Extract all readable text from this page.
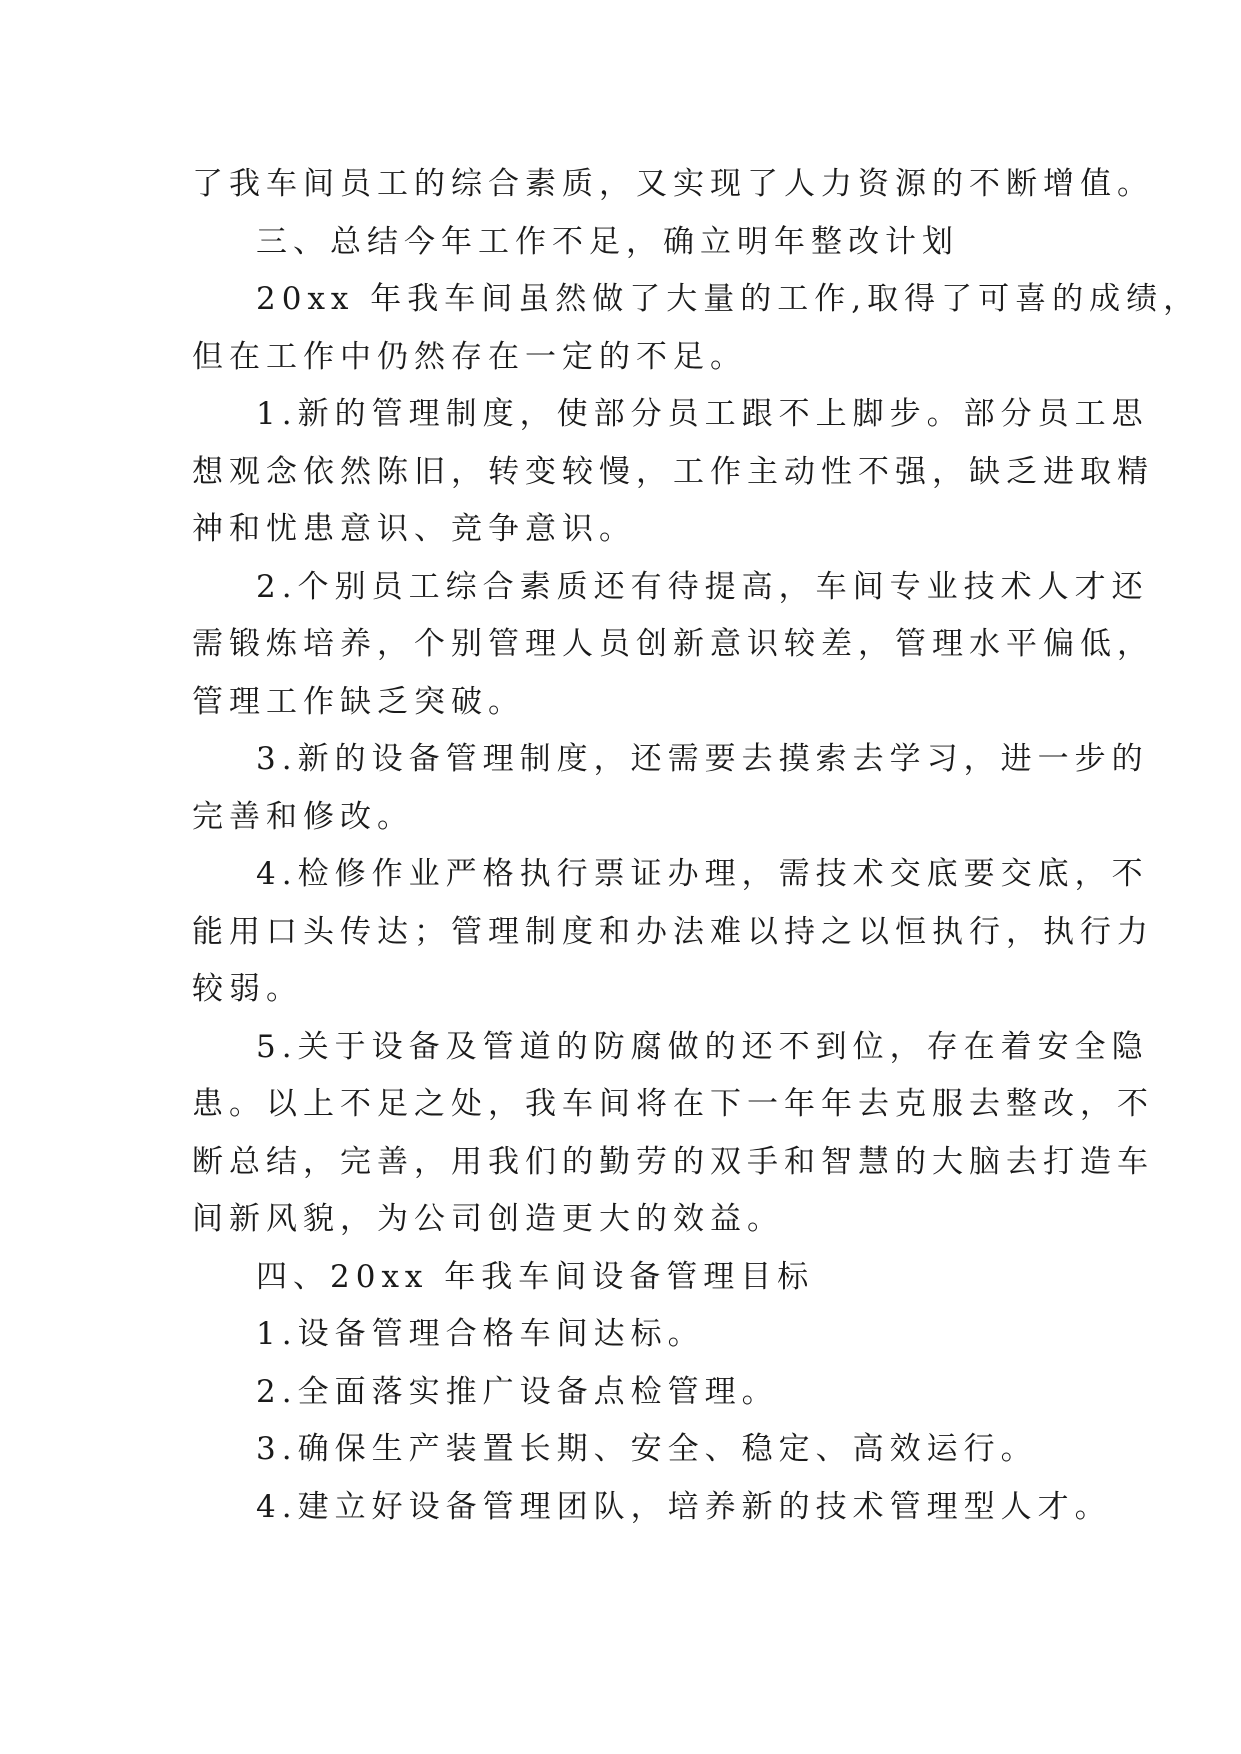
了我车间员工的综合素质，又实现了人力资源的不断增值。
三、总结今年工作不足，确立明年整改计划
20xx 年我车间虽然做了大量的工作,取得了可喜的成绩，
但在工作中仍然存在一定的不足。
1.新的管理制度，使部分员工跟不上脚步。部分员工思
想观念依然陈旧，转变较慢，工作主动性不强，缺乏进取精
神和忧患意识、竞争意识。
2.个别员工综合素质还有待提高，车间专业技术人才还
需锻炼培养，个别管理人员创新意识较差，管理水平偏低，
管理工作缺乏突破。
3.新的设备管理制度，还需要去摸索去学习，进一步的
完善和修改。
4.检修作业严格执行票证办理，需技术交底要交底，不
能用口头传达；管理制度和办法难以持之以恒执行，执行力
较弱。
5.关于设备及管道的防腐做的还不到位，存在着安全隐
患。以上不足之处，我车间将在下一年年去克服去整改，不
断总结，完善，用我们的勤劳的双手和智慧的大脑去打造车
间新风貌，为公司创造更大的效益。
四、20xx 年我车间设备管理目标
1.设备管理合格车间达标。
2.全面落实推广设备点检管理。
3.确保生产装置长期、安全、稳定、高效运行。
4.建立好设备管理团队，培养新的技术管理型人才。
